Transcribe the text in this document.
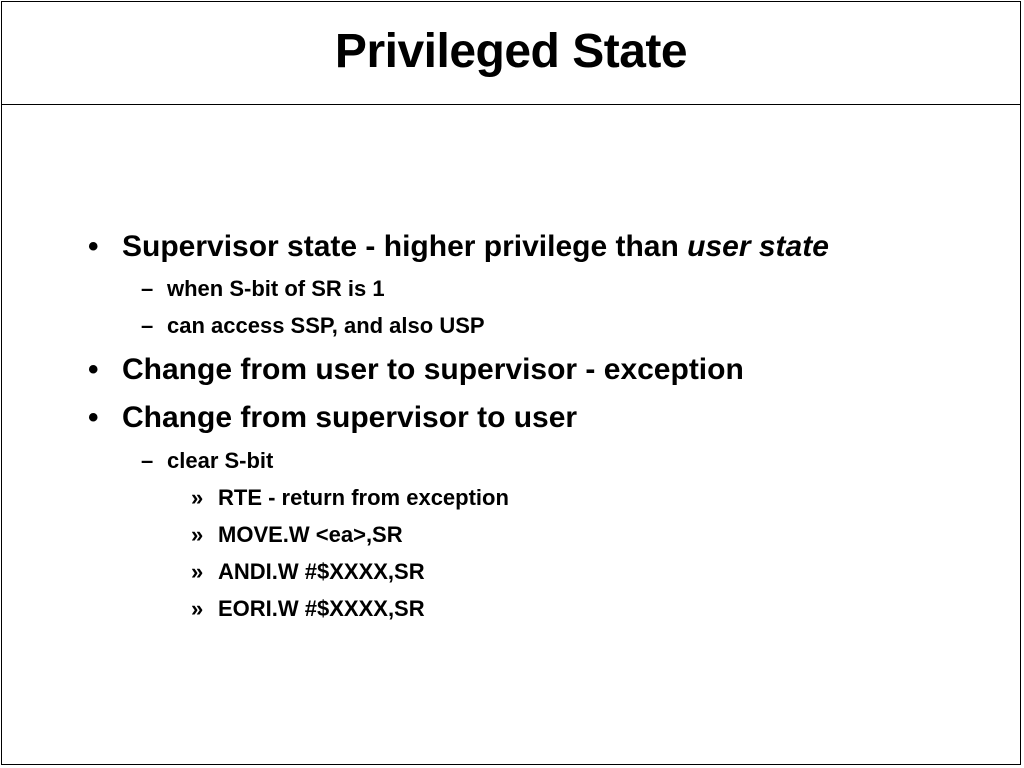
Privileged State
• Supervisor state - higher privilege than user state
– when S-bit of SR is 1
– can access SSP, and also USP
• Change from user to supervisor - exception
• Change from supervisor to user
– clear S-bit
» RTE - return from exception
» MOVE.W <ea>,SR
» ANDI.W #$XXXX,SR
» EORI.W #$XXXX,SR
